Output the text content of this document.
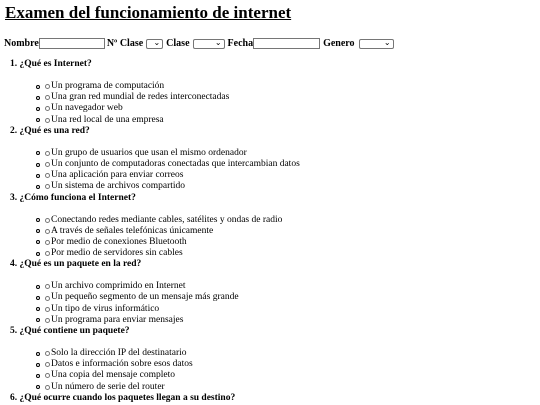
Examen del funcionamiento de internet
Nombre	Nº Clase ⌄ Clase	⌄ Fecha	Genero	⌄
1. ¿Qué es Internet?
Un programa de computación
Una gran red mundial de redes interconectadas
Un navegador web
Una red local de una empresa
2. ¿Qué es una red?
Un grupo de usuarios que usan el mismo ordenador
Un conjunto de computadoras conectadas que intercambian datos
Una aplicación para enviar correos
Un sistema de archivos compartido
3. ¿Cómo funciona el Internet?
Conectando redes mediante cables, satélites y ondas de radio
A través de señales telefónicas únicamente
Por medio de conexiones Bluetooth
Por medio de servidores sin cables
4. ¿Qué es un paquete en la red?
Un archivo comprimido en Internet
Un pequeño segmento de un mensaje más grande
Un tipo de virus informático
Un programa para enviar mensajes
5. ¿Qué contiene un paquete?
Solo la dirección IP del destinatario
Datos e información sobre esos datos
Una copia del mensaje completo
Un número de serie del router
6. ¿Qué ocurre cuando los paquetes llegan a su destino?
